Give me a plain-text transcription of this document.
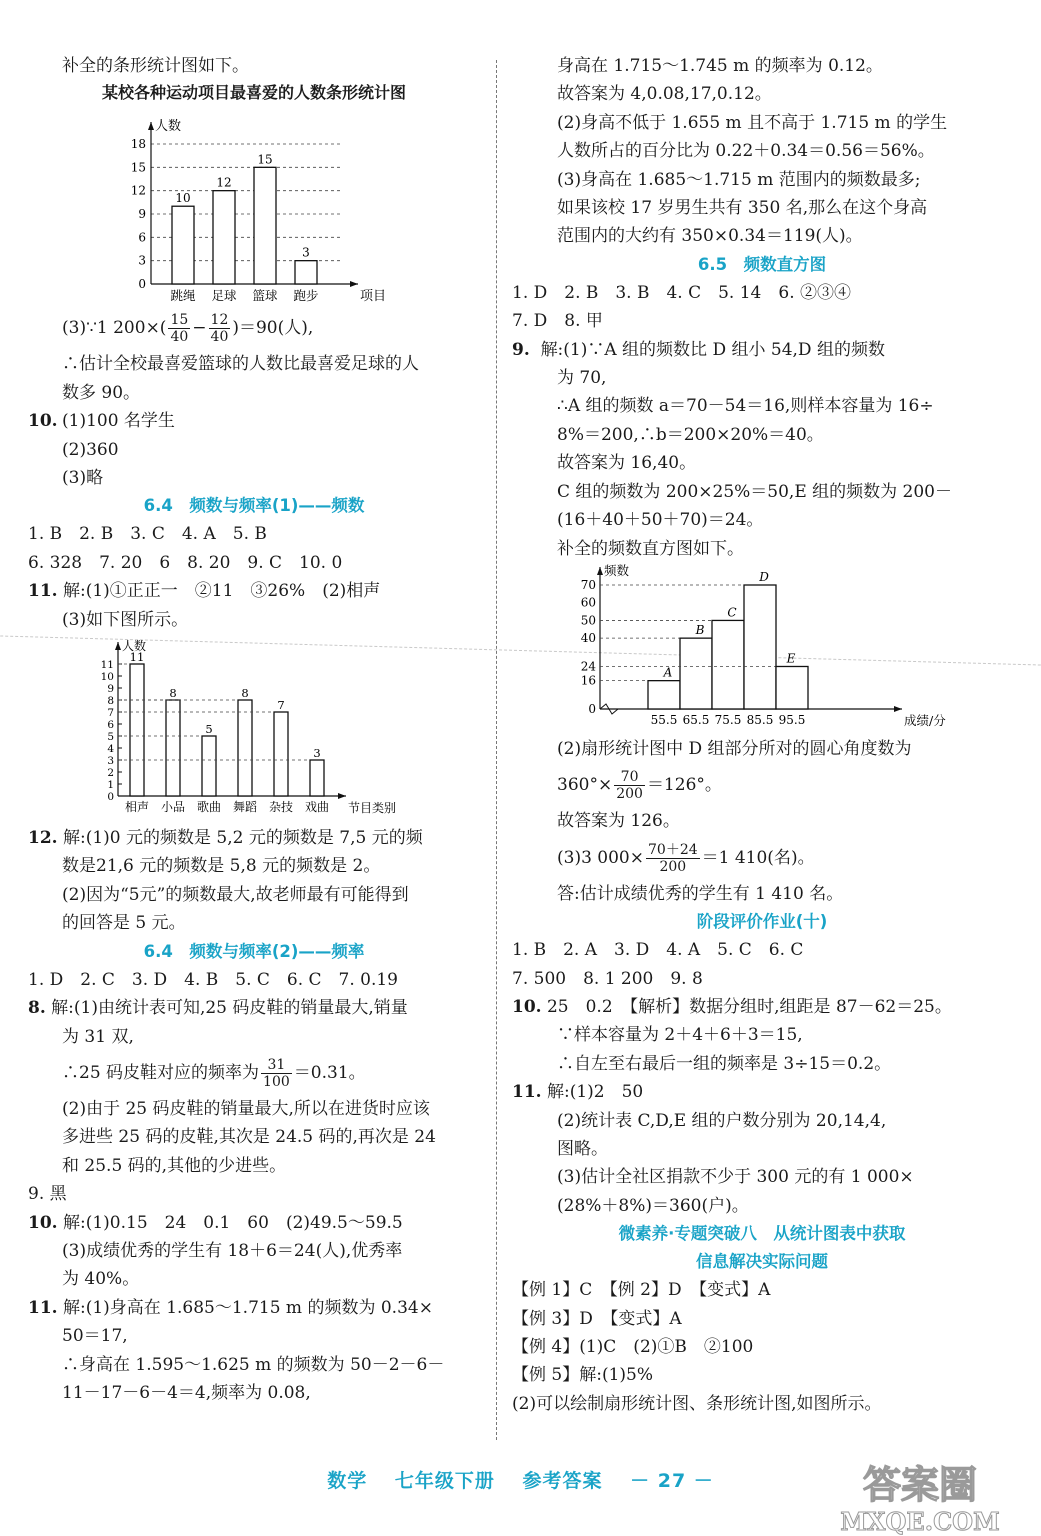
补全的条形统计图如下。
某校各种运动项目最喜爱的人数条形统计图
0
3
6
9
12
15
18
人数
项目
10
跳绳
12
足球
15
篮球
3
跑步
(3)∵1 $200\times( \frac{15}{40} - \frac{12}{40} )=90$(人),
∴估计全校最喜爱篮球的人数比最喜爱足球的人
数多 90。
10. (1)100 名学生
(2)360
(3)略
6.4　频数与频率(1)——频数
1. B　2. B　3. C　4. A　5. B
6. 328　7. 20　6　8. 20　9. C　10. 0
11. 解:(1)①正正一　②11　③26%　(2)相声
(3)如下图所示。
0
1
2
3
4
5
6
7
8
9
10
11
人数
节目类别
11
相声
8
小品
5
歌曲
8
舞蹈
7
杂技
3
戏曲
12. 解:(1)0 元的频数是 5,2 元的频数是 7,5 元的频
数是21,6 元的频数是 5,8 元的频数是 2。
(2)因为“5元”的频数最大,故老师最有可能得到
的回答是 5 元。
6.4　频数与频率(2)——频率
1. D　2. C　3. D　4. B　5. C　6. C　7. 0.19
8. 解:(1)由统计表可知,25 码皮鞋的销量最大,销量
为 31 双,
∴25 码皮鞋对应的频率为 $\frac{31}{100} =0.31$。
(2)由于 25 码皮鞋的销量最大,所以在进货时应该
多进些 25 码的皮鞋,其次是 24.5 码的,再次是 24
和 25.5 码的,其他的少进些。
9. 黑
10. 解:(1)0.15　24　0.1　60　(2)49.5～59.5
(3)成绩优秀的学生有 18＋6＝24(人),优秀率
为 40%。
11. 解:(1)身高在 1.685～1.715 m 的频数为 0.34×
50＝17,
∴身高在 1.595～1.625 m 的频数为 50－2－6－
11－17－6－4＝4,频率为 0.08,
身高在 1.715～1.745 m 的频率为 0.12。
故答案为 4,0.08,17,0.12。
(2)身高不低于 1.655 m 且不高于 1.715 m 的学生
人数所占的百分比为 0.22＋0.34＝0.56＝56%。
(3)身高在 1.685～1.715 m 范围内的频数最多;
如果该校 17 岁男生共有 350 名,那么在这个身高
范围内的大约有 350×0.34＝119(人)。
6.5　频数直方图
1. D　2. B　3. B　4. C　5. 14　6. ②③④
7. D　8. 甲
9. 解:(1)∵A 组的频数比 D 组小 54,D 组的频数
为 70,
∴A 组的频数 a＝70－54＝16,则样本容量为 16÷
8%＝200,∴b＝200×20%＝40。
故答案为 16,40。
C 组的频数为 200×25%＝50,E 组的频数为 200－
(16＋40＋50＋70)＝24。
补全的频数直方图如下。
0
16
24
40
50
60
70
频数
成绩/分
A
55.5
B
65.5
C
75.5
D
85.5
E
95.5
(2)扇形统计图中 D 组部分所对的圆心角度数为
$360^\circ\times \frac{70}{200} =126^\circ$。
故答案为 126。
(3)3 $000\times \frac{70+24}{200} =1$ 410(名)。
答:估计成绩优秀的学生有 1 410 名。
阶段评价作业(十)
1. B　2. A　3. D　4. A　5. C　6. C
7. 500　8. 1 200　9. 8
10. 25　0.2　【解析】数据分组时,组距是 87－62＝25。
∵样本容量为 2＋4＋6＋3＝15,
∴自左至右最后一组的频率是 3÷15＝0.2。
11. 解:(1)2　50
(2)统计表 C,D,E 组的户数分别为 20,14,4,
图略。
(3)估计全社区捐款不少于 300 元的有 1 000×
(28%＋8%)＝360(户)。
微素养·专题突破八　从统计图表中获取
信息解决实际问题
【例 1】C　【例 2】D　【变式】A
【例 3】D　【变式】A
【例 4】(1)C　(2)①B　②100
【例 5】解:(1)5%
(2)可以绘制扇形统计图、条形统计图,如图所示。
数学 七年级下册 参考答案 － 27 －	答案圈
MXQE.COM
